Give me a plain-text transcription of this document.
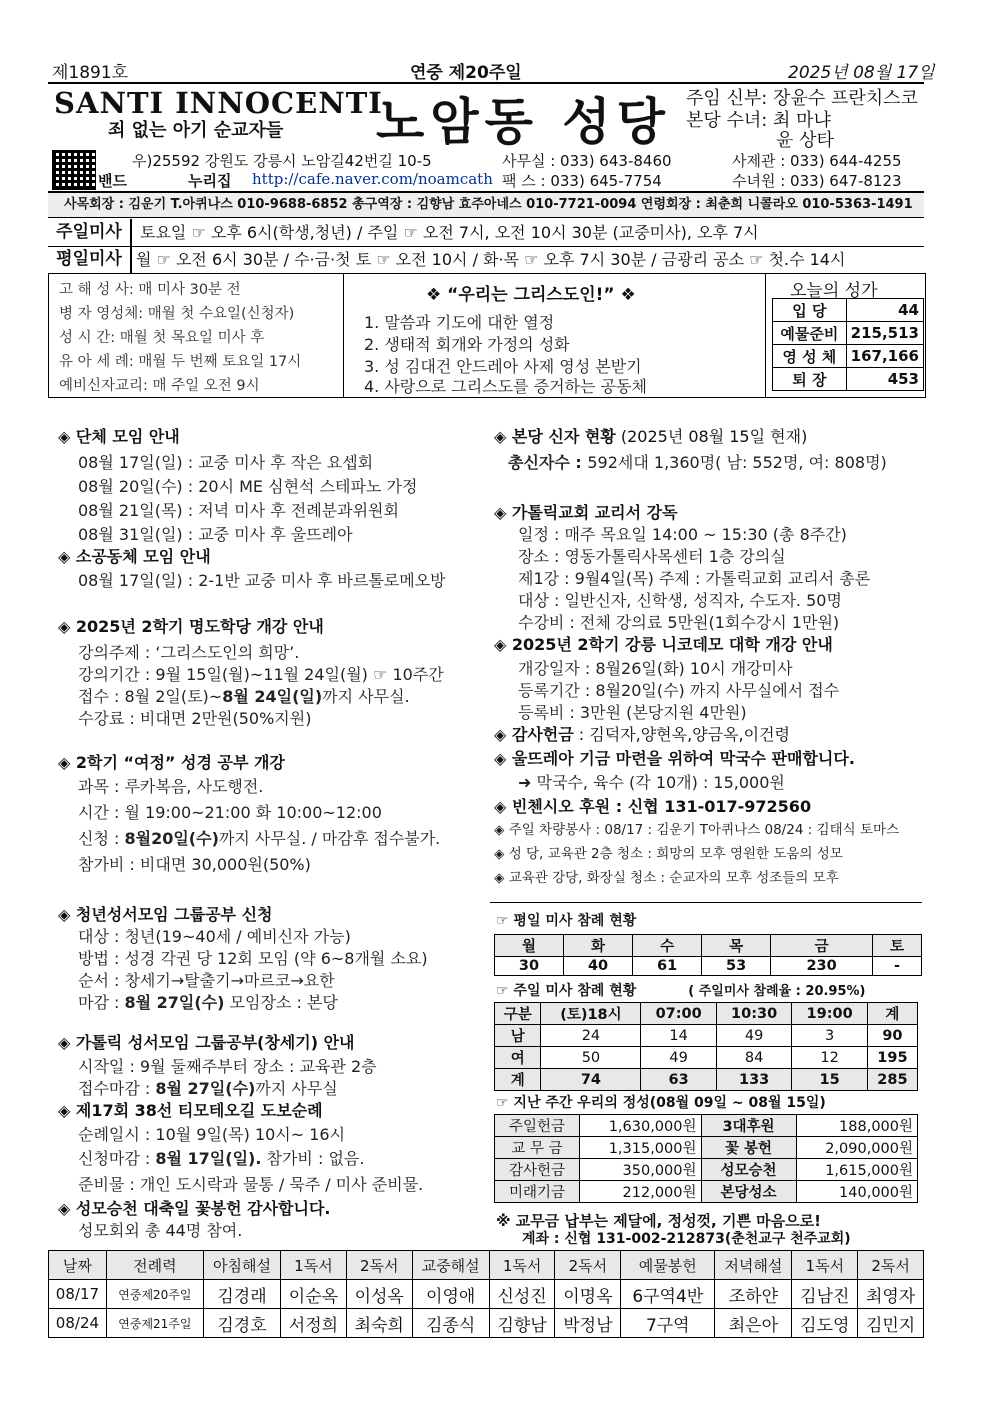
제1891호	연중 제20주일	2025년 08월 17일
SANTI INNOCENTI
죄 없는 아기 순교자들 노암동 성당 주임 신부: 장윤수 프란치스코
본당 수녀: 최 마냐
윤 상타
우)25592 강원도 강릉시 노암길42번길 10-5
밴드	누리집 http://cafe.naver.com/noamcath
사무실 : 033) 643-8460
팩 스 : 033) 645-7754
사제관 : 033) 644-4255
수녀원 : 033) 647-8123
사목회장 : 김운기 T.아퀴나스 010-9688-6852 총구역장 : 김향남 효주아네스 010-7721-0094 연령회장 : 최춘희 니콜라오 010-5363-1491
주일미사	토요일 ☞ 오후 6시(학생,청년) / 주일 ☞ 오전 7시, 오전 10시 30분 (교중미사), 오후 7시
평일미사 월 ☞ 오전 6시 30분 / 수·금·첫 토 ☞ 오전 10시 / 화·목 ☞ 오후 7시 30분 / 금광리 공소 ☞ 첫.수 14시
고 해 성 사: 매 미사 30분 전
병 자 영성체: 매월 첫 수요일(신청자)
성 시 간: 매월 첫 목요일 미사 후
유 아 세 례: 매월 두 번째 토요일 17시
예비신자교리: 매 주일 오전 9시
❖ “우리는 그리스도인!” ❖
1. 말씀과 기도에 대한 열정
2. 생태적 회개와 가정의 성화
3. 성 김대건 안드레아 사제 영성 본받기
4. 사랑으로 그리스도를 증거하는 공동체
오늘의 성가
입 당	44
예물준비	215,513
영 성 체	167,166
퇴 장	453
◈ 단체 모임 안내
08월 17일(일) : 교중 미사 후 작은 요셉회
08월 20일(수) : 20시 ME 심현석 스테파노 가정
08월 21일(목) : 저녁 미사 후 전례분과위원회
08월 31일(일) : 교중 미사 후 울뜨레아
◈ 소공동체 모임 안내
08월 17일(일) : 2-1반 교중 미사 후 바르톨로메오방
◈ 2025년 2학기 명도학당 개강 안내
강의주제 : ‘그리스도인의 희망’.
강의기간 : 9월 15일(월)~11월 24일(월) ☞ 10주간
접수 : 8월 2일(토)~8월 24일(일)까지 사무실.
수강료 : 비대면 2만원(50%지원)
◈ 2학기 “여정” 성경 공부 개강
과목 : 루카복음, 사도행전.
시간 : 월 19:00~21:00 화 10:00~12:00
신청 : 8월20일(수)까지 사무실. / 마감후 접수불가.
참가비 : 비대면 30,000원(50%)
◈ 청년성서모임 그룹공부 신청
대상 : 청년(19~40세 / 예비신자 가능)
방법 : 성경 각권 당 12회 모임 (약 6~8개월 소요)
순서 : 창세기→탈출기→마르코→요한
마감 : 8월 27일(수) 모임장소 : 본당
◈ 가톨릭 성서모임 그룹공부(창세기) 안내
시작일 : 9월 둘째주부터 장소 : 교육관 2층
접수마감 : 8월 27일(수)까지 사무실
◈ 제17회 38선 티모테오길 도보순례
순례일시 : 10월 9일(목) 10시~ 16시
신청마감 : 8월 17일(일). 참가비 : 없음.
준비물 : 개인 도시락과 물통 / 묵주 / 미사 준비물.
◈ 성모승천 대축일 꽃봉헌 감사합니다.
성모회외 총 44명 참여.
◈ 본당 신자 현황 (2025년 08월 15일 현재)
총신자수 : 592세대 1,360명( 남: 552명, 여: 808명)
◈ 가톨릭교회 교리서 강독
일정 : 매주 목요일 14:00 ~ 15:30 (총 8주간)
장소 : 영동가톨릭사목센터 1층 강의실
제1강 : 9월4일(목) 주제 : 가톨릭교회 교리서 총론
대상 : 일반신자, 신학생, 성직자, 수도자. 50명
수강비 : 전체 강의료 5만원(1회수강시 1만원)
◈ 2025년 2학기 강릉 니코데모 대학 개강 안내
개강일자 : 8월26일(화) 10시 개강미사
등록기간 : 8월20일(수) 까지 사무실에서 접수
등록비 : 3만원 (본당지원 4만원)
◈ 감사헌금 : 김덕자,양현옥,양금옥,이건령
◈ 울뜨레아 기금 마련을 위하여 막국수 판매합니다.
➜ 막국수, 육수 (각 10개) : 15,000원
◈ 빈첸시오 후원 : 신협 131-017-972560
◈ 주일 차량봉사 : 08/17 : 김운기 T아퀴나스 08/24 : 김태식 토마스
◈ 성 당, 교육관 2층 청소 : 희망의 모후 영원한 도움의 성모
◈ 교육관 강당, 화장실 청소 : 순교자의 모후 성조들의 모후
☞ 평일 미사 참례 현황
월	화	수	목	금	토
30	40	61	53	230	-
☞ 주일 미사 참례 현황	( 주일미사 참례율 : 20.95%)
구분	(토)18시	07:00	10:30	19:00	계
남	24	14	49	3	90
여	50	49	84	12	195
계	74	63	133	15	285
☞ 지난 주간 우리의 정성(08월 09일 ~ 08월 15일)
주일헌금	1,630,000원	3대후원	188,000원
교 무 금	1,315,000원	꽃 봉헌	2,090,000원
감사헌금	350,000원	성모승천	1,615,000원
미래기금	212,000원	본당성소	140,000원
※ 교무금 납부는 제달에, 정성껏, 기쁜 마음으로!
계좌 : 신협 131-002-212873(춘천교구 천주교회)
날짜	전례력	아침해설	1독서	2독서	교중해설	1독서	2독서	예물봉헌	저녁해설	1독서	2독서
08/17	연중제20주일	김경래	이순옥	이성옥	이영애	신성진	이명옥	6구역4반	조하얀	김남진	최영자
08/24	연중제21주일	김경호	서정희	최숙희	김종식	김향남	박정남	7구역	최은아	김도영	김민지
